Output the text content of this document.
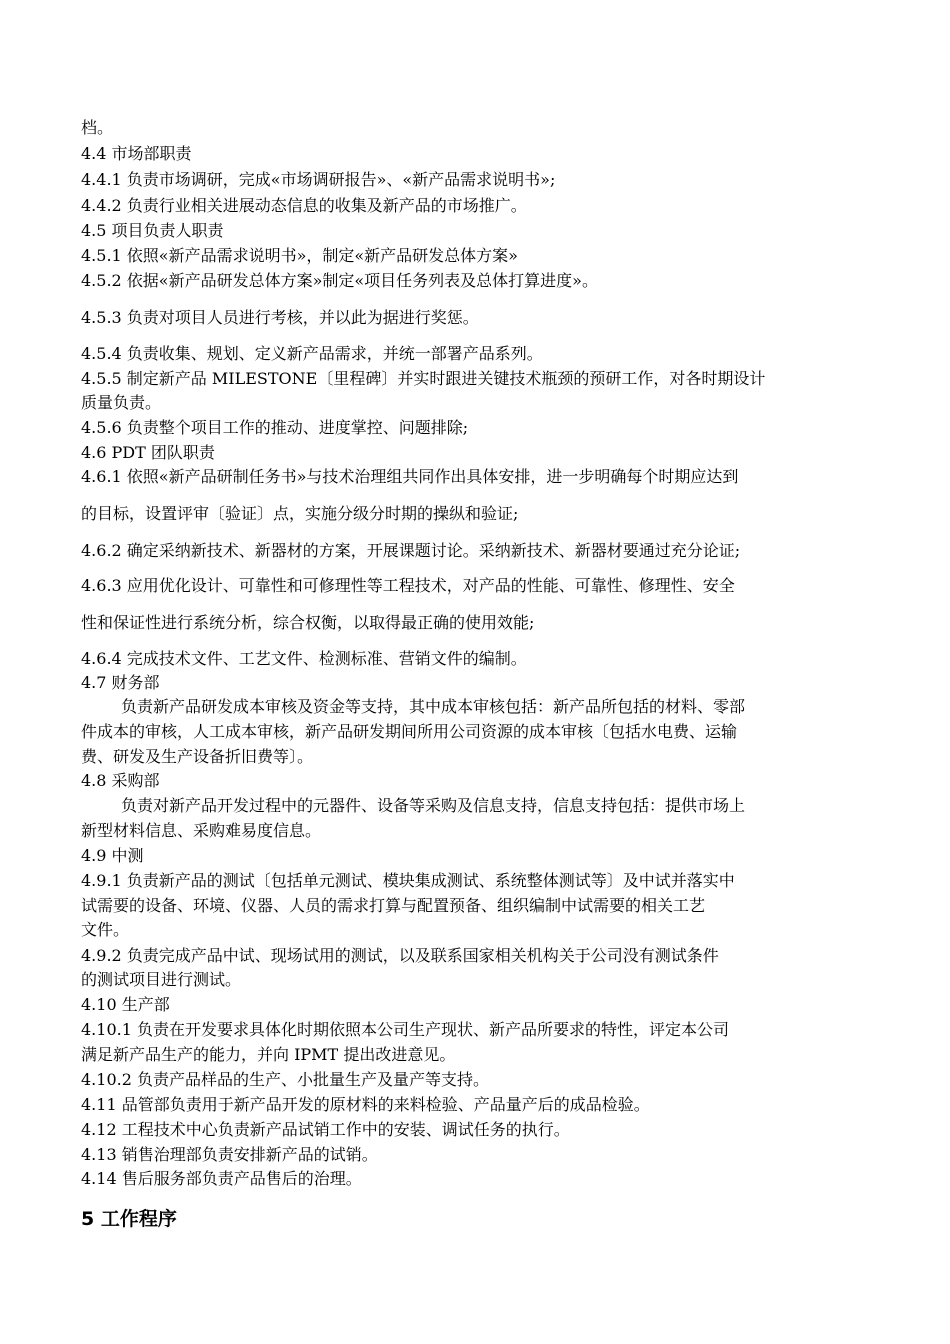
档。
4.4 市场部职责
4.4.1 负责市场调研，完成«市场调研报告»、«新产品需求说明书»;
4.4.2 负责行业相关进展动态信息的收集及新产品的市场推广。
4.5 项目负责人职责
4.5.1 依照«新产品需求说明书»，制定«新产品研发总体方案»
4.5.2 依据«新产品研发总体方案»制定«项目任务列表及总体打算进度»。
4.5.3 负责对项目人员进行考核，并以此为据进行奖惩。
4.5.4 负责收集、规划、定义新产品需求，并统一部署产品系列。
4.5.5 制定新产品 MILESTONE〔里程碑〕并实时跟进关键技术瓶颈的预研工作，对各时期设计
质量负责。
4.5.6 负责整个项目工作的推动、进度掌控、问题排除;
4.6 PDT 团队职责
4.6.1 依照«新产品研制任务书»与技术治理组共同作出具体安排，进一步明确每个时期应达到
的目标，设置评审〔验证〕点，实施分级分时期的操纵和验证;
4.6.2 确定采纳新技术、新器材的方案，开展课题讨论。采纳新技术、新器材要通过充分论证;
4.6.3 应用优化设计、可靠性和可修理性等工程技术，对产品的性能、可靠性、修理性、安全
性和保证性进行系统分析，综合权衡，以取得最正确的使用效能;
4.6.4 完成技术文件、工艺文件、检测标准、营销文件的编制。
4.7 财务部
负责新产品研发成本审核及资金等支持，其中成本审核包括：新产品所包括的材料、零部
件成本的审核，人工成本审核，新产品研发期间所用公司资源的成本审核〔包括水电费、运输
费、研发及生产设备折旧费等〕。
4.8 采购部
负责对新产品开发过程中的元器件、设备等采购及信息支持，信息支持包括：提供市场上
新型材料信息、采购难易度信息。
4.9 中测
4.9.1 负责新产品的测试〔包括单元测试、模块集成测试、系统整体测试等〕及中试并落实中
试需要的设备、环境、仪器、人员的需求打算与配置预备、组织编制中试需要的相关工艺
文件。
4.9.2 负责完成产品中试、现场试用的测试，以及联系国家相关机构关于公司没有测试条件
的测试项目进行测试。
4.10 生产部
4.10.1 负责在开发要求具体化时期依照本公司生产现状、新产品所要求的特性，评定本公司
满足新产品生产的能力，并向 IPMT 提出改进意见。
4.10.2 负责产品样品的生产、小批量生产及量产等支持。
4.11 品管部负责用于新产品开发的原材料的来料检验、产品量产后的成品检验。
4.12 工程技术中心负责新产品试销工作中的安装、调试任务的执行。
4.13 销售治理部负责安排新产品的试销。
4.14 售后服务部负责产品售后的治理。
5 工作程序
